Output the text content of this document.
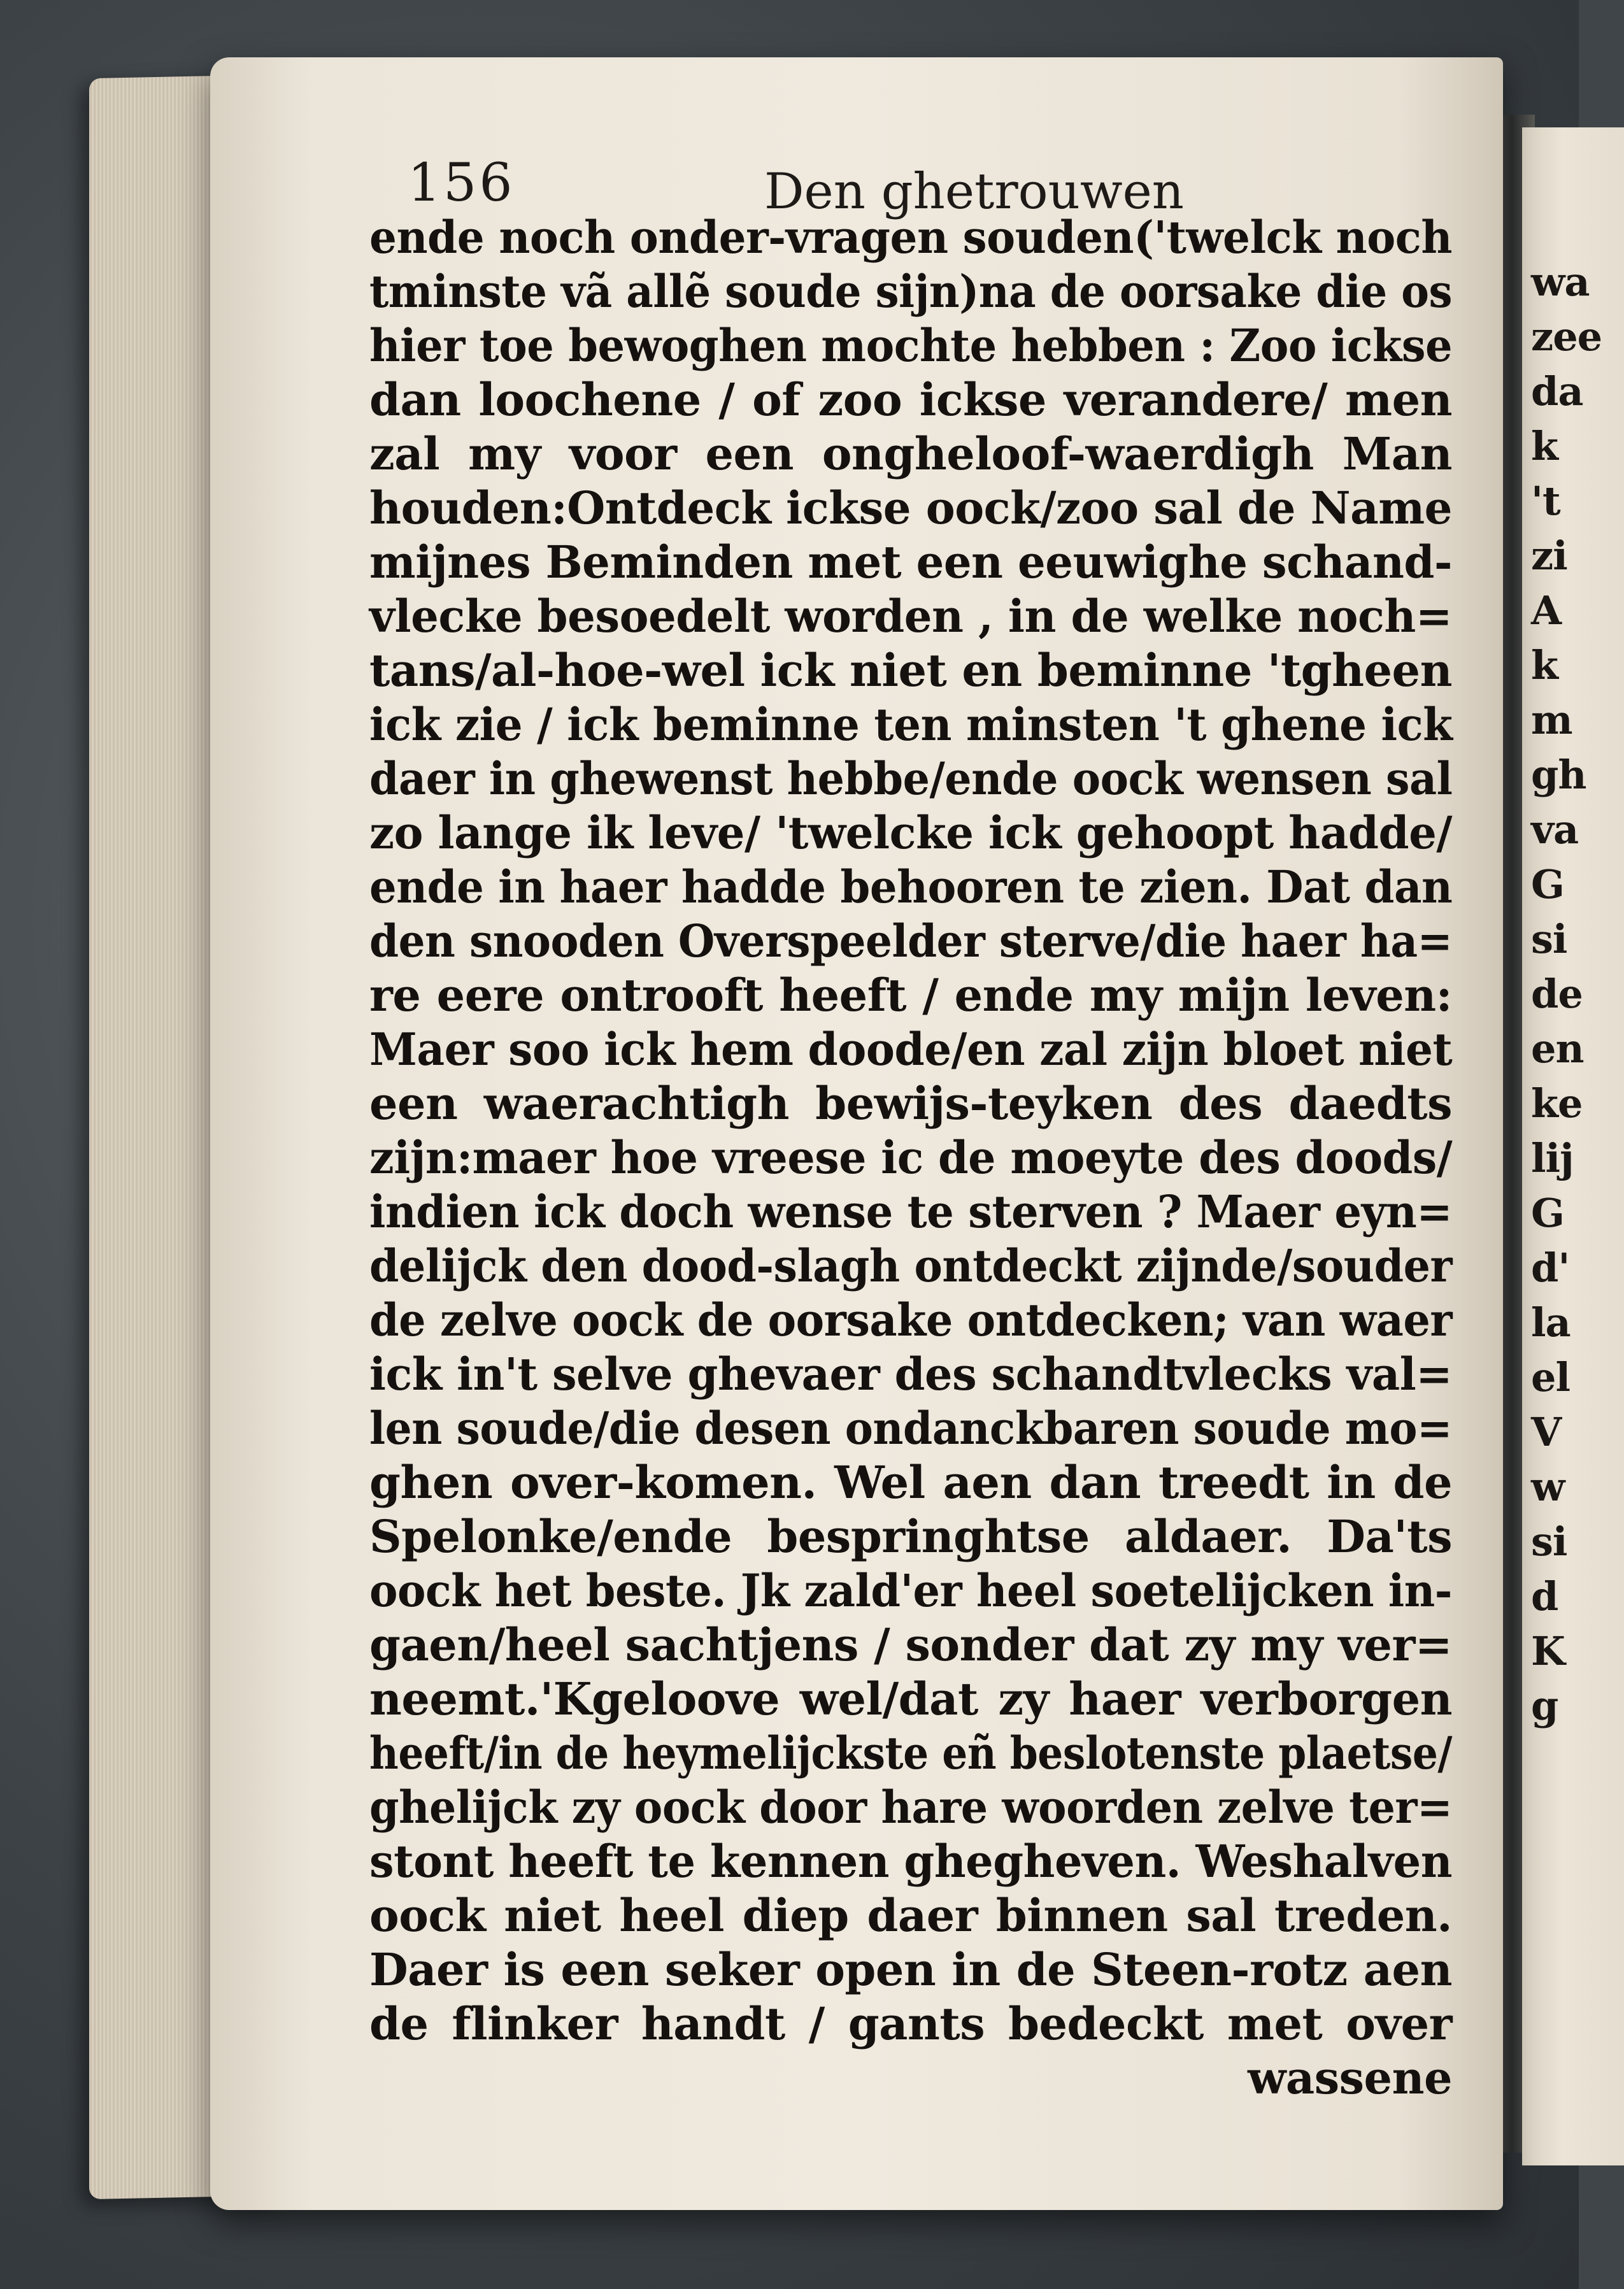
wa
zee
da
k
't
zi
A
k
m
gh
va
G
si
de
en
ke
lij
G
d'
la
el
V
w
si
d
K
g
156	Den ghetrouwen
ende noch onder-vragen souden('twelck noch
tminste vã allẽ soude sijn)na de oorsake die os
hier toe bewoghen mochte hebben : Zoo ickse
dan loochene / of zoo ickse verandere/ men
zal my voor een ongheloof-waerdigh Man
houden:Ontdeck ickse oock/zoo sal de Name
mijnes Beminden met een eeuwighe schand-
vlecke besoedelt worden , in de welke noch=
tans/al-hoe-wel ick niet en beminne 'tgheen
ick zie / ick beminne ten minsten 't ghene ick
daer in ghewenst hebbe/ende oock wensen sal
zo lange ik leve/ 'twelcke ick gehoopt hadde/
ende in haer hadde behooren te zien. Dat dan
den snooden Overspeelder sterve/die haer ha=
re eere ontrooft heeft / ende my mijn leven:
Maer soo ick hem doode/en zal zijn bloet niet
een waerachtigh bewijs-teyken des daedts
zijn:maer hoe vreese ic de moeyte des doods/
indien ick doch wense te sterven ? Maer eyn=
delijck den dood-slagh ontdeckt zijnde/souder
de zelve oock de oorsake ontdecken; van waer
ick in't selve ghevaer des schandtvlecks val=
len soude/die desen ondanckbaren soude mo=
ghen over-komen. Wel aen dan treedt in de
Spelonke/ende bespringhtse aldaer. Da'ts
oock het beste. Jk zald'er heel soetelijcken in-
gaen/heel sachtjens / sonder dat zy my ver=
neemt.'Kgeloove wel/dat zy haer verborgen
heeft/in de heymelijckste eñ beslotenste plaetse/
ghelijck zy oock door hare woorden zelve ter=
stont heeft te kennen ghegheven. Weshalven
oock niet heel diep daer binnen sal treden.
Daer is een seker open in de Steen-rotz aen
de flinker handt / gants bedeckt met over
wassene
